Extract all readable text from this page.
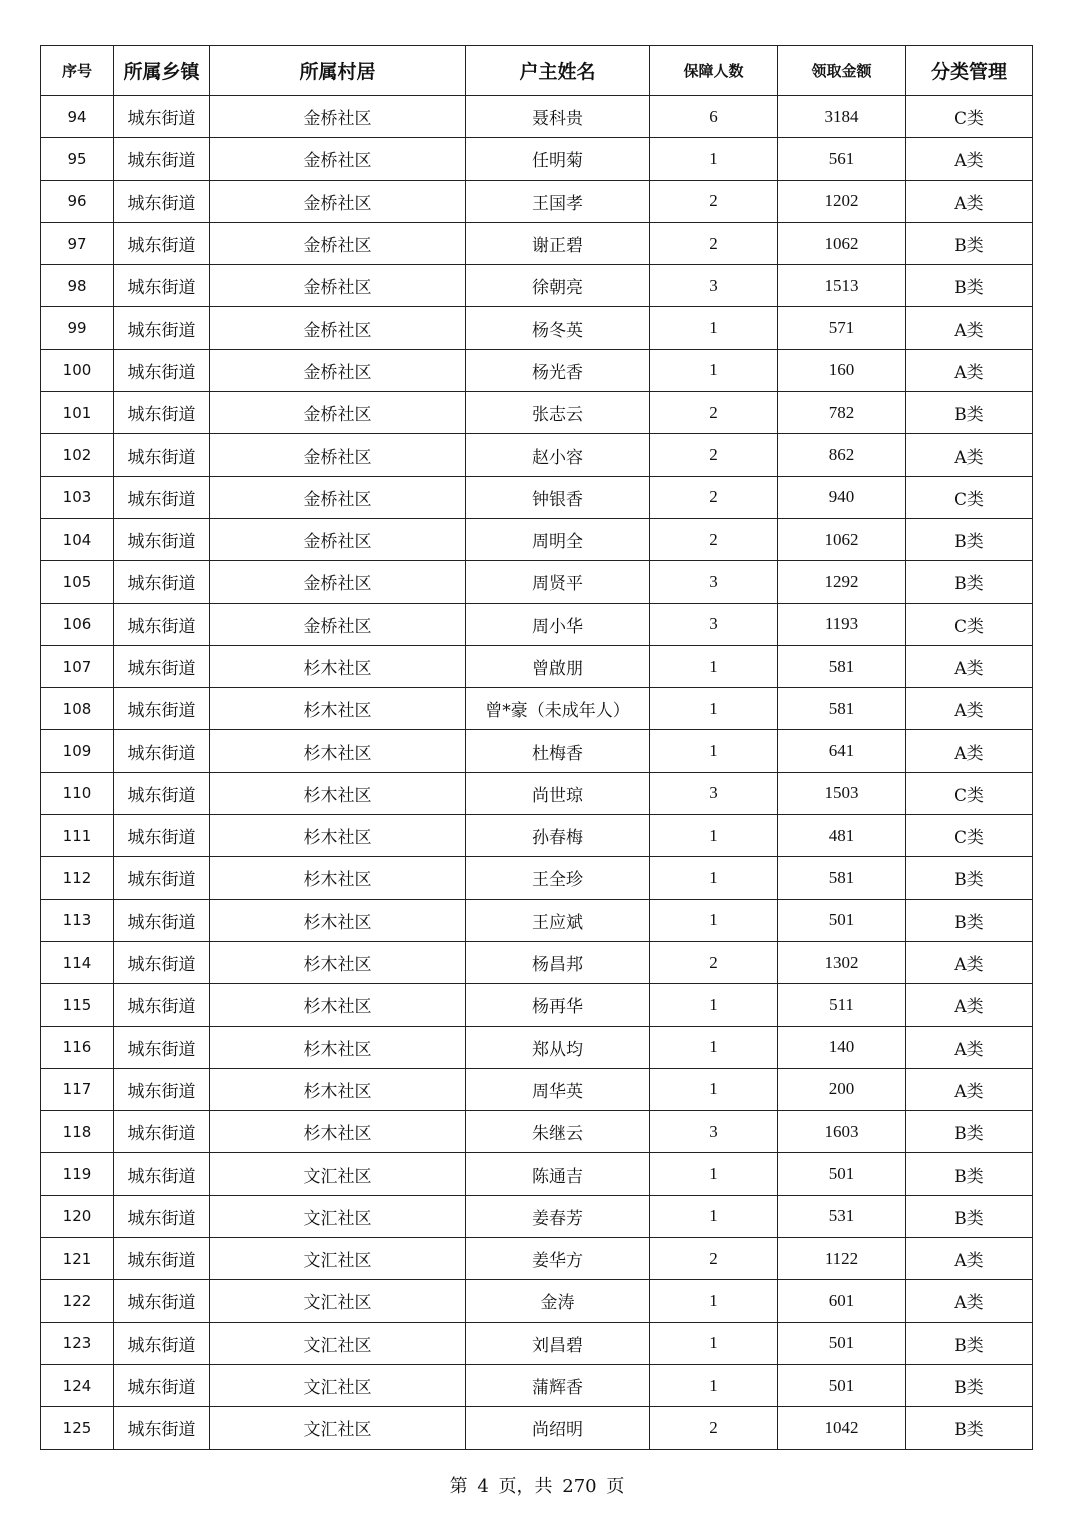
序号	所属乡镇	所属村居	户主姓名	保障人数	领取金额	分类管理
94	城东街道	金桥社区	聂科贵	6	3184	C类
95	城东街道	金桥社区	任明菊	1	561	A类
96	城东街道	金桥社区	王国孝	2	1202	A类
97	城东街道	金桥社区	谢正碧	2	1062	B类
98	城东街道	金桥社区	徐朝亮	3	1513	B类
99	城东街道	金桥社区	杨冬英	1	571	A类
100	城东街道	金桥社区	杨光香	1	160	A类
101	城东街道	金桥社区	张志云	2	782	B类
102	城东街道	金桥社区	赵小容	2	862	A类
103	城东街道	金桥社区	钟银香	2	940	C类
104	城东街道	金桥社区	周明全	2	1062	B类
105	城东街道	金桥社区	周贤平	3	1292	B类
106	城东街道	金桥社区	周小华	3	1193	C类
107	城东街道	杉木社区	曾啟朋	1	581	A类
108	城东街道	杉木社区	曾*豪（未成年人）	1	581	A类
109	城东街道	杉木社区	杜梅香	1	641	A类
110	城东街道	杉木社区	尚世琼	3	1503	C类
111	城东街道	杉木社区	孙春梅	1	481	C类
112	城东街道	杉木社区	王全珍	1	581	B类
113	城东街道	杉木社区	王应斌	1	501	B类
114	城东街道	杉木社区	杨昌邦	2	1302	A类
115	城东街道	杉木社区	杨再华	1	511	A类
116	城东街道	杉木社区	郑从均	1	140	A类
117	城东街道	杉木社区	周华英	1	200	A类
118	城东街道	杉木社区	朱继云	3	1603	B类
119	城东街道	文汇社区	陈通吉	1	501	B类
120	城东街道	文汇社区	姜春芳	1	531	B类
121	城东街道	文汇社区	姜华方	2	1122	A类
122	城东街道	文汇社区	金涛	1	601	A类
123	城东街道	文汇社区	刘昌碧	1	501	B类
124	城东街道	文汇社区	蒲辉香	1	501	B类
125	城东街道	文汇社区	尚绍明	2	1042	B类
第 4 页，共 270 页
